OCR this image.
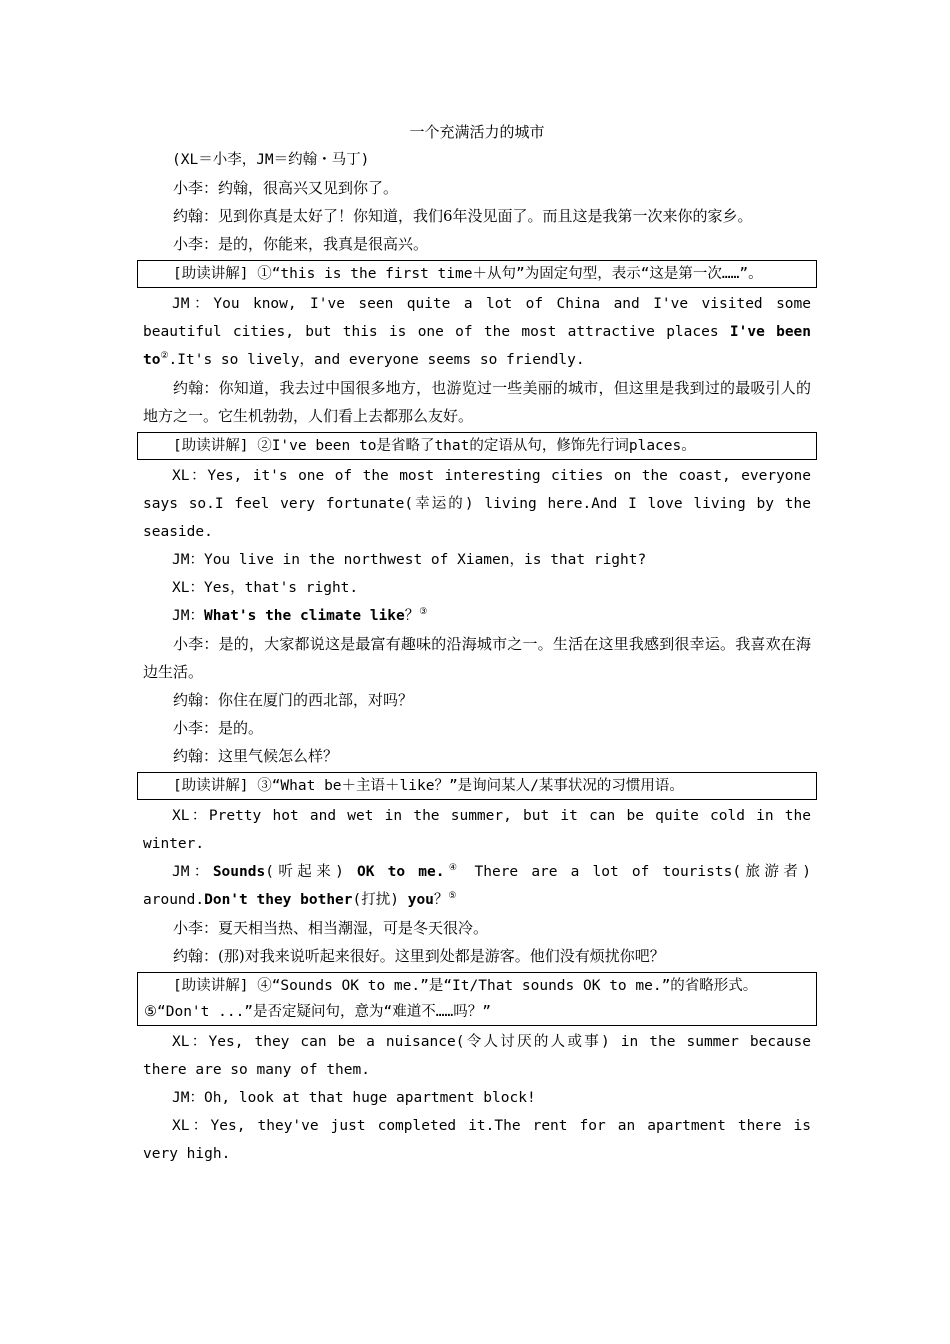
一个充满活力的城市

(XL＝小李，JM＝约翰・马丁)

小李：约翰，很高兴又见到你了。

约翰：见到你真是太好了！你知道，我们6年没见面了。而且这是我第一次来你的家乡。

小李：是的，你能来，我真是很高兴。

[助读讲解] ①“this is the first time＋从句”为固定句型，表示“这是第一次……”。

JM：You know, I've seen quite a lot of China and I've visited some beautiful cities, but this is one of the most attractive places I've been to②.It's so lively，and everyone seems so friendly.

约翰：你知道，我去过中国很多地方，也游览过一些美丽的城市，但这里是我到过的最吸引人的地方之一。它生机勃勃，人们看上去都那么友好。

[助读讲解] ②I've been to是省略了that的定语从句，修饰先行词places。

XL：Yes, it's one of the most interesting cities on the coast, everyone says so.I feel very fortunate(幸运的) living here.And I love living by the seaside.

JM：You live in the northwest of Xiamen，is that right?

XL：Yes，that's right.

JM：What's the climate like？③

小李：是的，大家都说这是最富有趣味的沿海城市之一。生活在这里我感到很幸运。我喜欢在海边生活。

约翰：你住在厦门的西北部，对吗？

小李：是的。

约翰：这里气候怎么样？

[助读讲解] ③“What be＋主语＋like？”是询问某人/某事状况的习惯用语。

XL：Pretty hot and wet in the summer, but it can be quite cold in the winter.

JM：Sounds(听起来) OK to me.④ There are a lot of tourists(旅游者) around.Don't they bother(打扰) you？⑤

小李：夏天相当热、相当潮湿，可是冬天很冷。

约翰：(那)对我来说听起来很好。这里到处都是游客。他们没有烦扰你吧？

[助读讲解] ④“Sounds OK to me.”是“It/That sounds OK to me.”的省略形式。

⑤“Don't ...”是否定疑问句，意为“难道不……吗？”

XL：Yes, they can be a nuisance(令人讨厌的人或事) in the summer because there are so many of them.

JM：Oh, look at that huge apartment block!

XL：Yes, they've just completed it.The rent for an apartment there is very high.
